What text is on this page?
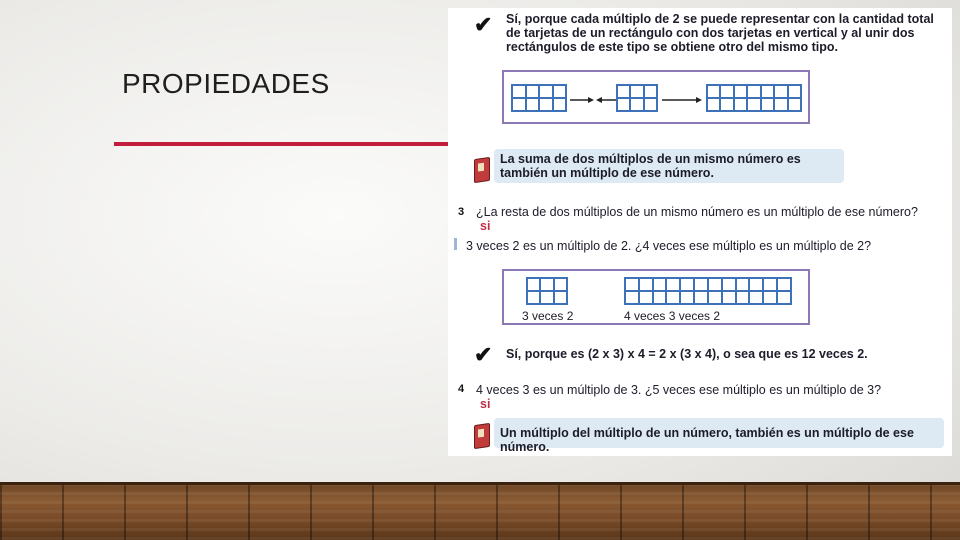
PROPIEDADES
✔ Sí, porque cada múltiplo de 2 se puede representar con la cantidad total de tarjetas de un rectángulo con dos tarjetas en vertical y al unir dos rectángulos de este tipo se obtiene otro del mismo tipo.
La suma de dos múltiplos de un mismo número es también un múltiplo de ese número.
3 ¿La resta de dos múltiplos de un mismo número es un múltiplo de ese número?
si
3 veces 2 es un múltiplo de 2. ¿4 veces ese múltiplo es un múltiplo de 2?
3 veces 2	4 veces 3 veces 2
✔ Sí, porque es (2 x 3) x 4 = 2 x (3 x 4), o sea que es 12 veces 2.
4 4 veces 3 es un múltiplo de 3. ¿5 veces ese múltiplo es un múltiplo de 3?
si
Un múltiplo del múltiplo de un número, también es un múltiplo de ese número.
